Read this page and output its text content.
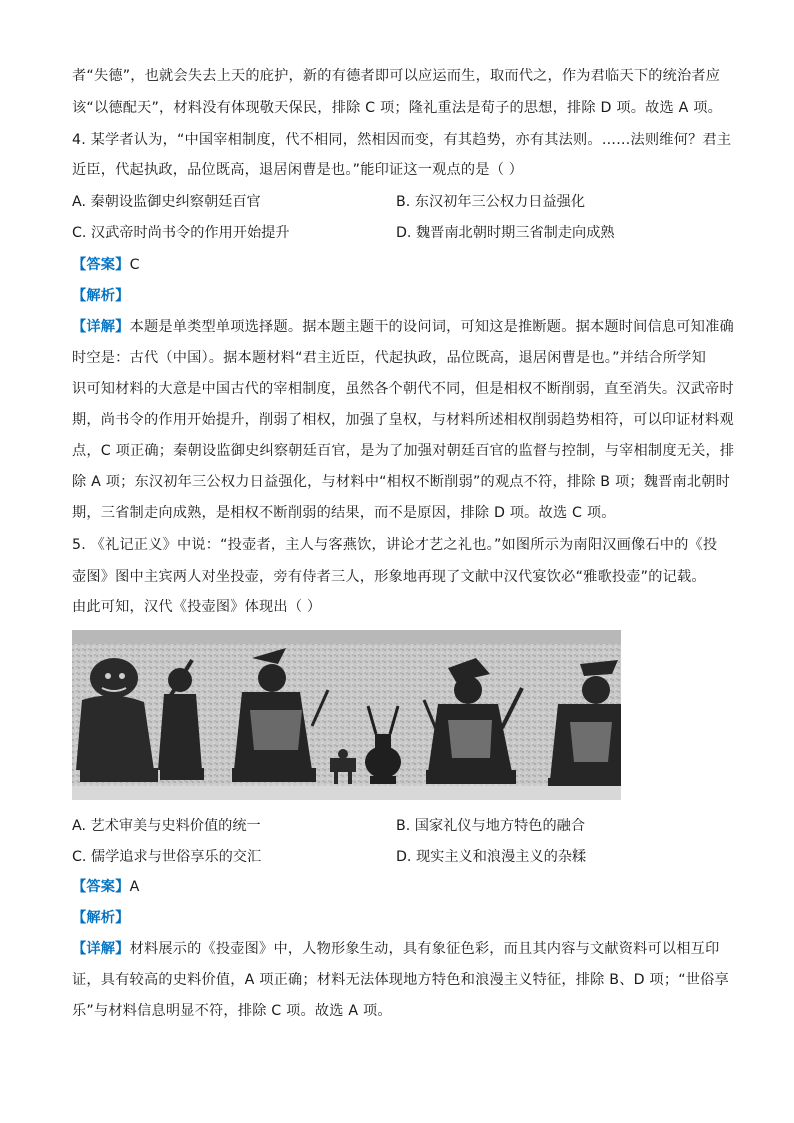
者“失德”，也就会失去上天的庇护，新的有德者即可以应运而生，取而代之，作为君临天下的统治者应
该“以德配天”，材料没有体现敬天保民，排除 C 项；隆礼重法是荀子的思想，排除 D 项。故选 A 项。
4. 某学者认为，“中国宰相制度，代不相同，然相因而变，有其趋势，亦有其法则。……法则维何？君主
近臣，代起执政，品位既高，退居闲曹是也。”能印证这一观点的是（ ）
A. 秦朝设监御史纠察朝廷百官	B. 东汉初年三公权力日益强化
C. 汉武帝时尚书令的作用开始提升	D. 魏晋南北朝时期三省制走向成熟
【答案】C
【解析】
【详解】本题是单类型单项选择题。据本题主题干的设问词，可知这是推断题。据本题时间信息可知准确
时空是：古代（中国）。据本题材料“君主近臣，代起执政，品位既高，退居闲曹是也。”并结合所学知
识可知材料的大意是中国古代的宰相制度，虽然各个朝代不同，但是相权不断削弱，直至消失。汉武帝时
期，尚书令的作用开始提升，削弱了相权，加强了皇权，与材料所述相权削弱趋势相符，可以印证材料观
点，C 项正确；秦朝设监御史纠察朝廷百官，是为了加强对朝廷百官的监督与控制，与宰相制度无关，排
除 A 项；东汉初年三公权力日益强化，与材料中“相权不断削弱”的观点不符，排除 B 项；魏晋南北朝时
期，三省制走向成熟，是相权不断削弱的结果，而不是原因，排除 D 项。故选 C 项。
5. 《礼记正义》中说：“投壶者，主人与客燕饮，讲论才艺之礼也。”如图所示为南阳汉画像石中的《投
壶图》图中主宾两人对坐投壶，旁有侍者三人，形象地再现了文献中汉代宴饮必“雅歌投壶”的记载。
由此可知，汉代《投壶图》体现出（ ）
A. 艺术审美与史料价值的统一	B. 国家礼仪与地方特色的融合
C. 儒学追求与世俗享乐的交汇	D. 现实主义和浪漫主义的杂糅
【答案】A
【解析】
【详解】材料展示的《投壶图》中，人物形象生动，具有象征色彩，而且其内容与文献资料可以相互印
证，具有较高的史料价值，A 项正确；材料无法体现地方特色和浪漫主义特征，排除 B、D 项；“世俗享
乐”与材料信息明显不符，排除 C 项。故选 A 项。
